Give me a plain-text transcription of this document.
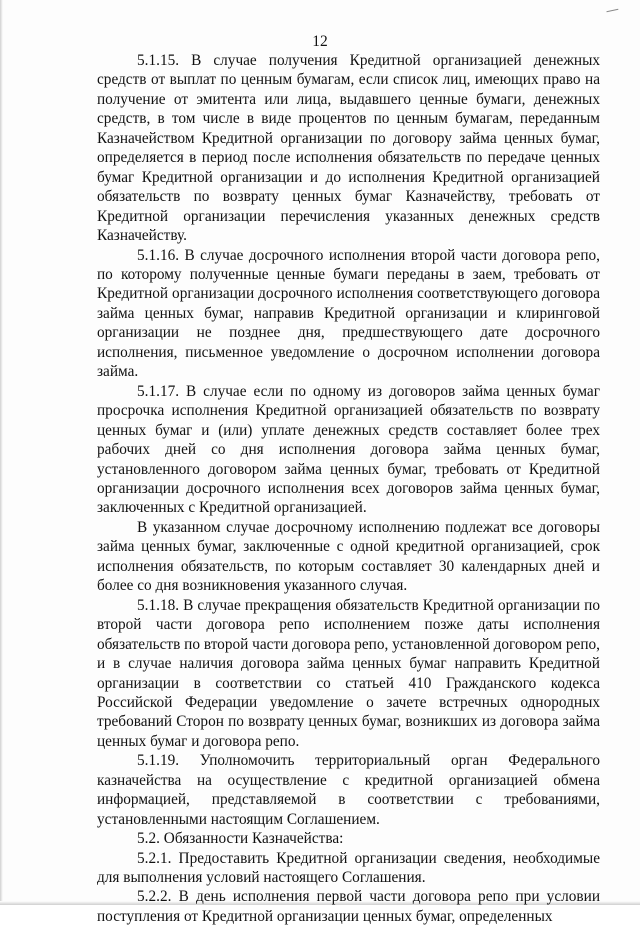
12

5.1.15. В случае получения Кредитной организацией денежных средств от выплат по ценным бумагам, если список лиц, имеющих право на получение от эмитента или лица, выдавшего ценные бумаги, денежных средств, в том числе в виде процентов по ценным бумагам, переданным Казначейством Кредитной организации по договору займа ценных бумаг, определяется в период после исполнения обязательств по передаче ценных бумаг Кредитной организации и до исполнения Кредитной организацией обязательств по возврату ценных бумаг Казначейству, требовать от Кредитной организации перечисления указанных денежных средств Казначейству.

5.1.16. В случае досрочного исполнения второй части договора репо, по которому полученные ценные бумаги переданы в заем, требовать от Кредитной организации досрочного исполнения соответствующего договора займа ценных бумаг, направив Кредитной организации и клиринговой организации не позднее дня, предшествующего дате досрочного исполнения, письменное уведомление о досрочном исполнении договора займа.

5.1.17. В случае если по одному из договоров займа ценных бумаг просрочка исполнения Кредитной организацией обязательств по возврату ценных бумаг и (или) уплате денежных средств составляет более трех рабочих дней со дня исполнения договора займа ценных бумаг, установленного договором займа ценных бумаг, требовать от Кредитной организации досрочного исполнения всех договоров займа ценных бумаг, заключенных с Кредитной организацией.

В указанном случае досрочному исполнению подлежат все договоры займа ценных бумаг, заключенные с одной кредитной организацией, срок исполнения обязательств, по которым составляет 30 календарных дней и более со дня возникновения указанного случая.

5.1.18. В случае прекращения обязательств Кредитной организации по второй части договора репо исполнением позже даты исполнения обязательств по второй части договора репо, установленной договором репо, и в случае наличия договора займа ценных бумаг направить Кредитной организации в соответствии со статьей 410 Гражданского кодекса Российской Федерации уведомление о зачете встречных однородных требований Сторон по возврату ценных бумаг, возникших из договора займа ценных бумаг и договора репо.

5.1.19. Уполномочить территориальный орган Федерального казначейства на осуществление с кредитной организацией обмена информацией, представляемой в соответствии с требованиями, установленными настоящим Соглашением.

5.2. Обязанности Казначейства:

5.2.1. Предоставить Кредитной организации сведения, необходимые для выполнения условий настоящего Соглашения.

5.2.2. В день исполнения первой части договора репо при условии поступления от Кредитной организации ценных бумаг, определенных
